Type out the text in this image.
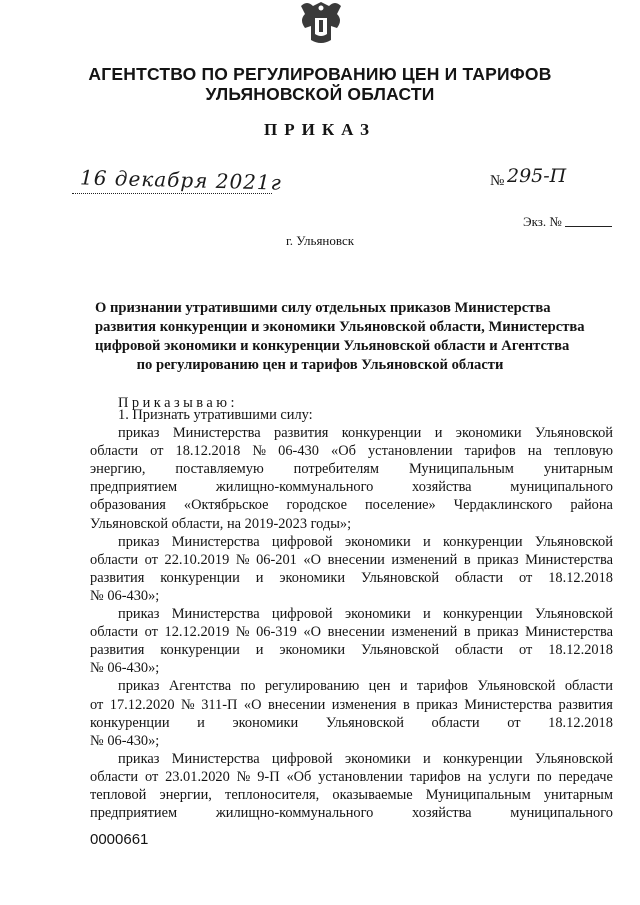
АГЕНТСТВО ПО РЕГУЛИРОВАНИЮ ЦЕН И ТАРИФОВ
УЛЬЯНОВСКОЙ ОБЛАСТИ
ПРИКАЗ
16 декабря 2021г	№ 295-П
Экз. №
г. Ульяновск
О признании утратившими силу отдельных приказов Министерства
развития конкуренции и экономики Ульяновской области, Министерства
цифровой экономики и конкуренции Ульяновской области и Агентства
по регулированию цен и тарифов Ульяновской области
Приказываю:
1. Признать утратившими силу:
приказ Министерства развития конкуренции и экономики Ульяновской
области от 18.12.2018 № 06-430 «Об установлении тарифов на тепловую
энергию, поставляемую потребителям Муниципальным унитарным
предприятием	жилищно-коммунального	хозяйства	муниципального
образования «Октябрьское городское поселение» Чердаклинского района
Ульяновской области, на 2019-2023 годы»;
приказ Министерства цифровой экономики и конкуренции Ульяновской
области от 22.10.2019 № 06-201 «О внесении изменений в приказ Министерства
развития конкуренции и экономики Ульяновской области от 18.12.2018
№ 06-430»;
приказ Министерства цифровой экономики и конкуренции Ульяновской
области от 12.12.2019 № 06-319 «О внесении изменений в приказ Министерства
развития конкуренции и экономики Ульяновской области от 18.12.2018
№ 06-430»;
приказ Агентства по регулированию цен и тарифов Ульяновской области
от 17.12.2020 № 311-П «О внесении изменения в приказ Министерства развития
конкуренции и экономики Ульяновской области от 18.12.2018
№ 06-430»;
приказ Министерства цифровой экономики и конкуренции Ульяновской
области от 23.01.2020 № 9-П «Об установлении тарифов на услуги по передаче
тепловой энергии, теплоносителя, оказываемые Муниципальным унитарным
предприятием	жилищно-коммунального	хозяйства	муниципального
0000661
